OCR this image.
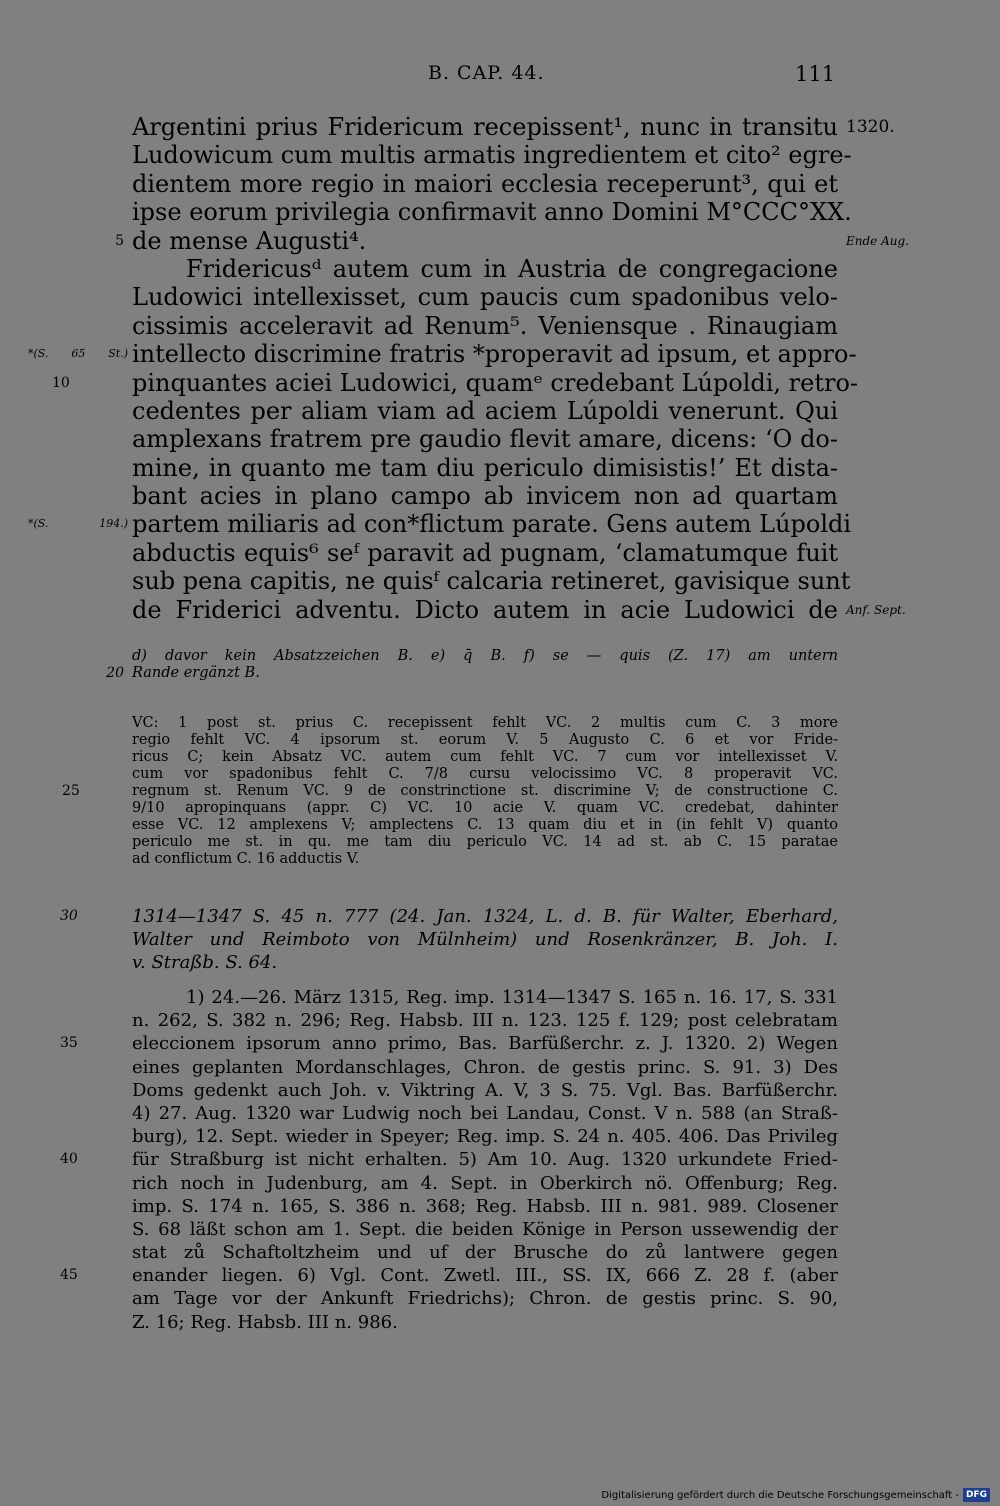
B. CAP. 44.	111
Argentini prius Fridericum recepissent¹, nunc in transitu 1320.
Ludowicum cum multis armatis ingredientem et cito² egre-
dientem more regio in maiori ecclesia receperunt³, qui et
ipse eorum privilegia confirmavit anno Domini M°CCC°XX.
de mense Augusti⁴.
5	Ende Aug.
Fridericusᵈ autem cum in Austria de congregacione
Ludowici intellexisset, cum paucis cum spadonibus velo-
cissimis acceleravit ad Renum⁵. Veniensque . Rinaugiam
intellecto discrimine fratris *properavit ad ipsum, et appro-
*(S. 65 St.)
pinquantes aciei Ludowici, quamᵉ credebant Lúpoldi, retro-
10
cedentes per aliam viam ad aciem Lúpoldi venerunt. Qui
amplexans fratrem pre gaudio flevit amare, dicens: ‘O do-
mine, in quanto me tam diu periculo dimisistis!’ Et dista-
bant acies in plano campo ab invicem non ad quartam
partem miliaris ad con*flictum parate. Gens autem Lúpoldi
*(S. 194.)
abductis equis⁶ seᶠ paravit ad pugnam, ‘clamatumque fuit
sub pena capitis, ne quisᶠ calcaria retineret, gavisique sunt
de Friderici adventu. Dicto autem in acie Ludowici de Anf. Sept.
d) davor kein Absatzzeichen B. e) q̄ B. f) se — quis (Z. 17) am untern
Rande ergänzt B.
20
VC: 1 post st. prius C. recepissent fehlt VC. 2 multis cum C. 3 more
regio fehlt VC. 4 ipsorum st. eorum V. 5 Augusto C. 6 et vor Fride-
ricus C; kein Absatz VC. autem cum fehlt VC. 7 cum vor intellexisset V.
cum vor spadonibus fehlt C. 7/8 cursu velocissimo VC. 8 properavit VC.
regnum st. Renum VC. 9 de constrinctione st. discrimine V; de constructione C.
25
9/10 apropinquans (appr. C) VC. 10 acie V. quam VC. credebat, dahinter
esse VC. 12 amplexens V; amplectens C. 13 quam diu et in (in fehlt V) quanto
periculo me st. in qu. me tam diu periculo VC. 14 ad st. ab C. 15 paratae
ad conflictum C. 16 adductis V.
1314—1347 S. 45 n. 777 (24. Jan. 1324, L. d. B. für Walter, Eberhard,
30
Walter und Reimboto von Mülnheim) und Rosenkränzer, B. Joh. I.
v. Straßb. S. 64.
1) 24.—26. März 1315, Reg. imp. 1314—1347 S. 165 n. 16. 17, S. 331
n. 262, S. 382 n. 296; Reg. Habsb. III n. 123. 125 f. 129; post celebratam
eleccionem ipsorum anno primo, Bas. Barfüßerchr. z. J. 1320. 2) Wegen
35
eines geplanten Mordanschlages, Chron. de gestis princ. S. 91. 3) Des
Doms gedenkt auch Joh. v. Viktring A. V, 3 S. 75. Vgl. Bas. Barfüßerchr.
4) 27. Aug. 1320 war Ludwig noch bei Landau, Const. V n. 588 (an Straß-
burg), 12. Sept. wieder in Speyer; Reg. imp. S. 24 n. 405. 406. Das Privileg
für Straßburg ist nicht erhalten. 5) Am 10. Aug. 1320 urkundete Fried-
40
rich noch in Judenburg, am 4. Sept. in Oberkirch nö. Offenburg; Reg.
imp. S. 174 n. 165, S. 386 n. 368; Reg. Habsb. III n. 981. 989. Closener
S. 68 läßt schon am 1. Sept. die beiden Könige in Person ussewendig der
stat zů Schaftoltzheim und uf der Brusche do zů lantwere gegen
enander liegen. 6) Vgl. Cont. Zwetl. III., SS. IX, 666 Z. 28 f. (aber
45
am Tage vor der Ankunft Friedrichs); Chron. de gestis princ. S. 90,
Z. 16; Reg. Habsb. III n. 986.
Digitalisierung gefördert durch die Deutsche Forschungsgemeinschaft - DFG
